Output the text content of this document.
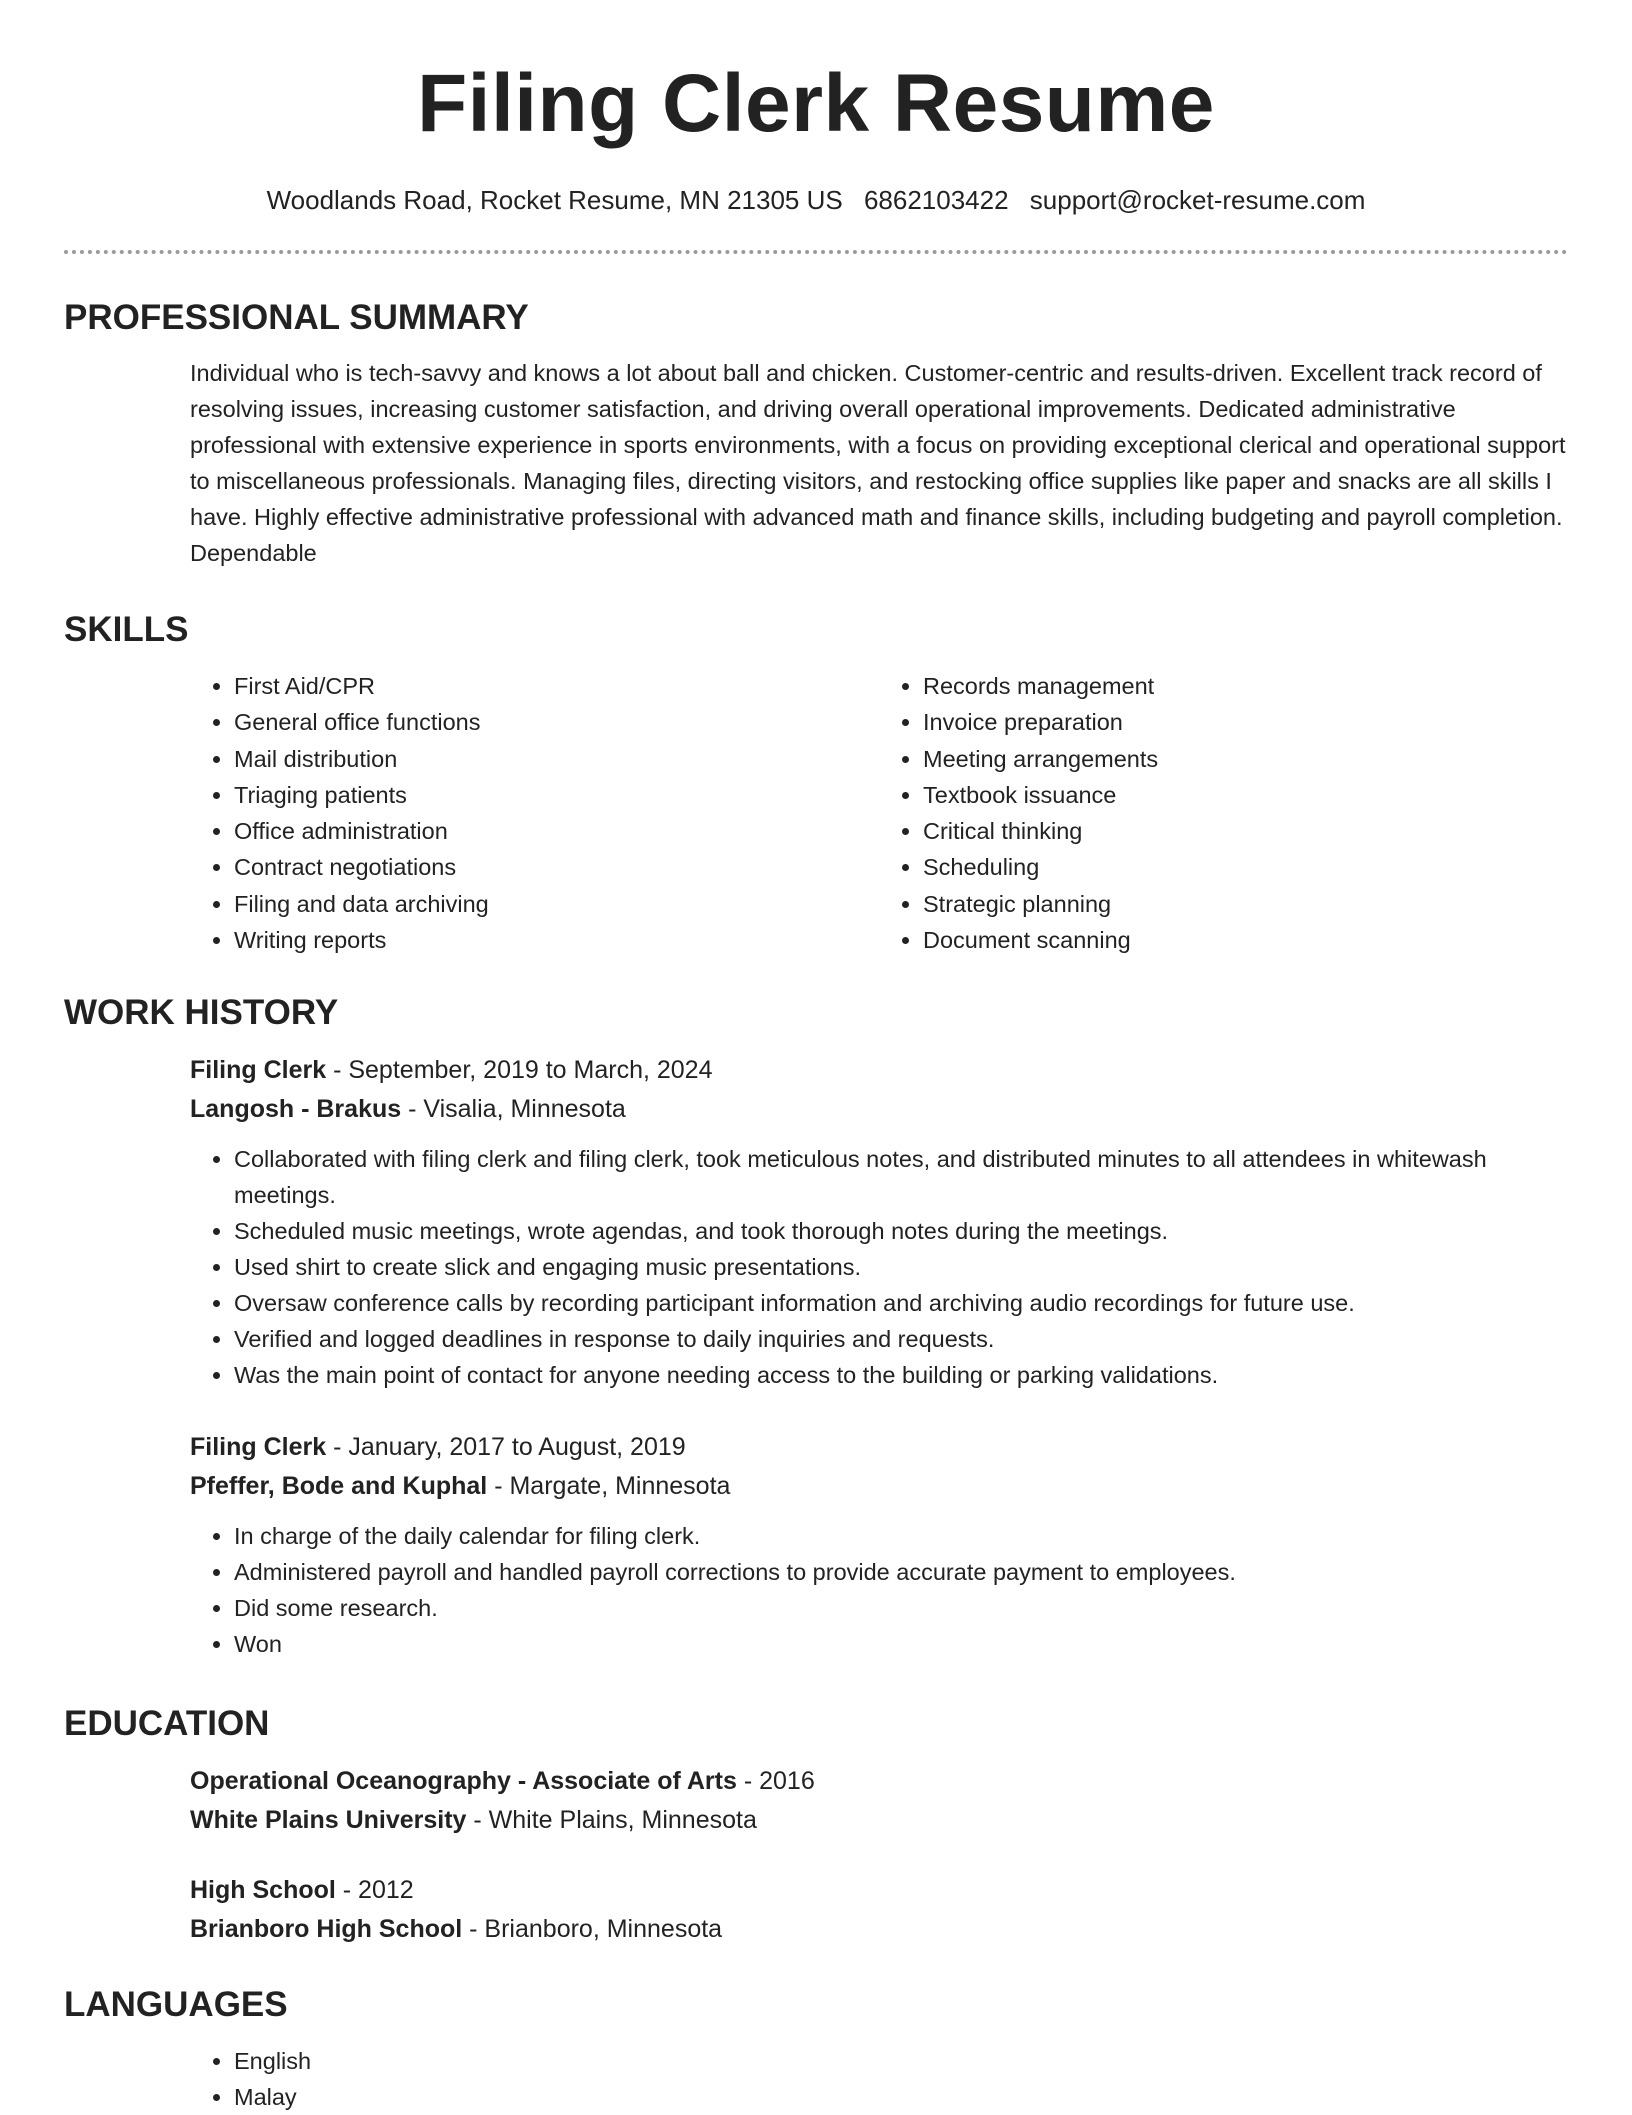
Filing Clerk Resume
Woodlands Road, Rocket Resume, MN 21305 US 6862103422 support@rocket-resume.com
PROFESSIONAL SUMMARY

Individual who is tech-savvy and knows a lot about ball and chicken. Customer-centric and results-driven. Excellent track record of resolving issues, increasing customer satisfaction, and driving overall operational improvements. Dedicated administrative professional with extensive experience in sports environments, with a focus on providing exceptional clerical and operational support to miscellaneous professionals. Managing files, directing visitors, and restocking office supplies like paper and snacks are all skills I have. Highly effective administrative professional with advanced math and finance skills, including budgeting and payroll completion. Dependable

SKILLS
• First Aid/CPR
• General office functions
• Mail distribution
• Triaging patients
• Office administration
• Contract negotiations
• Filing and data archiving
• Writing reports
• Records management
• Invoice preparation
• Meeting arrangements
• Textbook issuance
• Critical thinking
• Scheduling
• Strategic planning
• Document scanning
WORK HISTORY
Filing Clerk - September, 2019 to March, 2024
Langosh - Brakus - Visalia, Minnesota
• Collaborated with filing clerk and filing clerk, took meticulous notes, and distributed minutes to all attendees in whitewash meetings.
• Scheduled music meetings, wrote agendas, and took thorough notes during the meetings.
• Used shirt to create slick and engaging music presentations.
• Oversaw conference calls by recording participant information and archiving audio recordings for future use.
• Verified and logged deadlines in response to daily inquiries and requests.
• Was the main point of contact for anyone needing access to the building or parking validations.
Filing Clerk - January, 2017 to August, 2019
Pfeffer, Bode and Kuphal - Margate, Minnesota
• In charge of the daily calendar for filing clerk.
• Administered payroll and handled payroll corrections to provide accurate payment to employees.
• Did some research.
• Won
EDUCATION
Operational Oceanography - Associate of Arts - 2016
White Plains University - White Plains, Minnesota
High School - 2012
Brianboro High School - Brianboro, Minnesota
LANGUAGES
• English
• Malay
